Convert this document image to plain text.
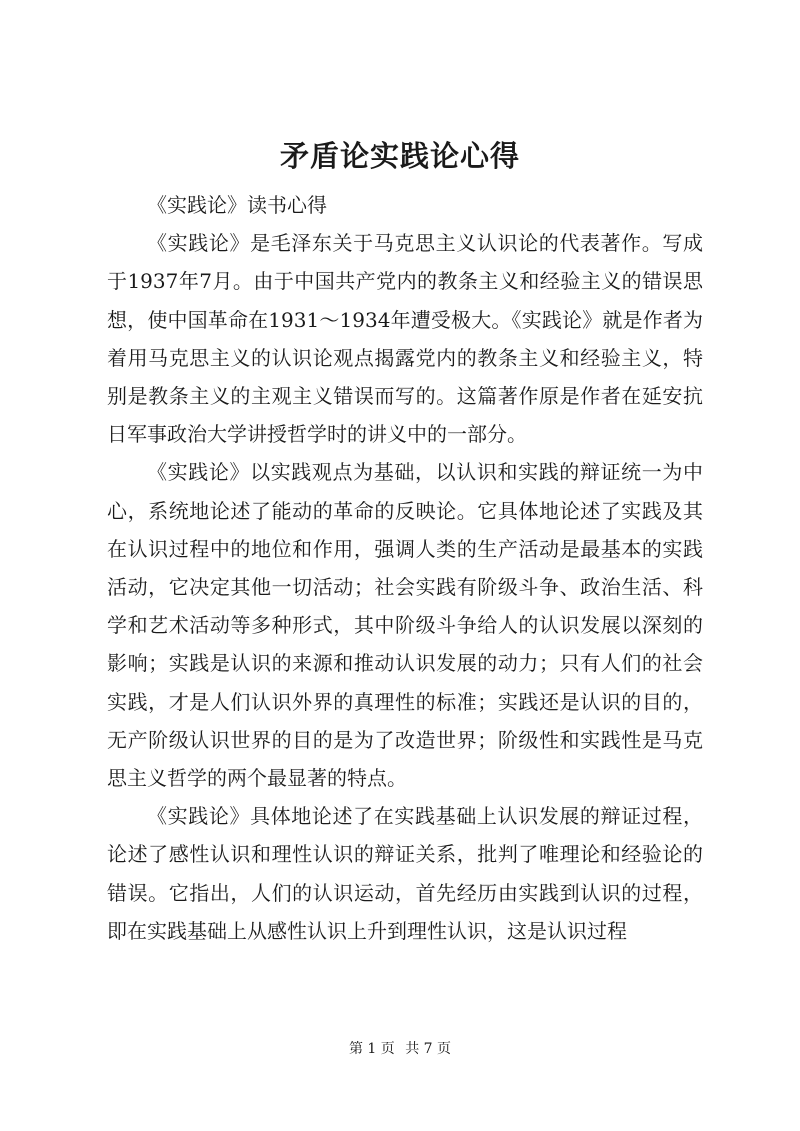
矛盾论实践论心得

《实践论》读书心得

《实践论》是毛泽东关于马克思主义认识论的代表著作。写成于1937年7月。由于中国共产党内的教条主义和经验主义的错误思想，使中国革命在1931～1934年遭受极大。《实践论》就是作者为着用马克思主义的认识论观点揭露党内的教条主义和经验主义，特别是教条主义的主观主义错误而写的。这篇著作原是作者在延安抗日军事政治大学讲授哲学时的讲义中的一部分。

《实践论》以实践观点为基础，以认识和实践的辩证统一为中心，系统地论述了能动的革命的反映论。它具体地论述了实践及其在认识过程中的地位和作用，强调人类的生产活动是最基本的实践活动，它决定其他一切活动；社会实践有阶级斗争、政治生活、科学和艺术活动等多种形式，其中阶级斗争给人的认识发展以深刻的影响；实践是认识的来源和推动认识发展的动力；只有人们的社会实践，才是人们认识外界的真理性的标准；实践还是认识的目的，无产阶级认识世界的目的是为了改造世界；阶级性和实践性是马克思主义哲学的两个最显著的特点。

《实践论》具体地论述了在实践基础上认识发展的辩证过程，论述了感性认识和理性认识的辩证关系，批判了唯理论和经验论的错误。它指出，人们的认识运动，首先经历由实践到认识的过程，即在实践基础上从感性认识上升到理性认识，这是认识过程

第 1 页 共 7 页
